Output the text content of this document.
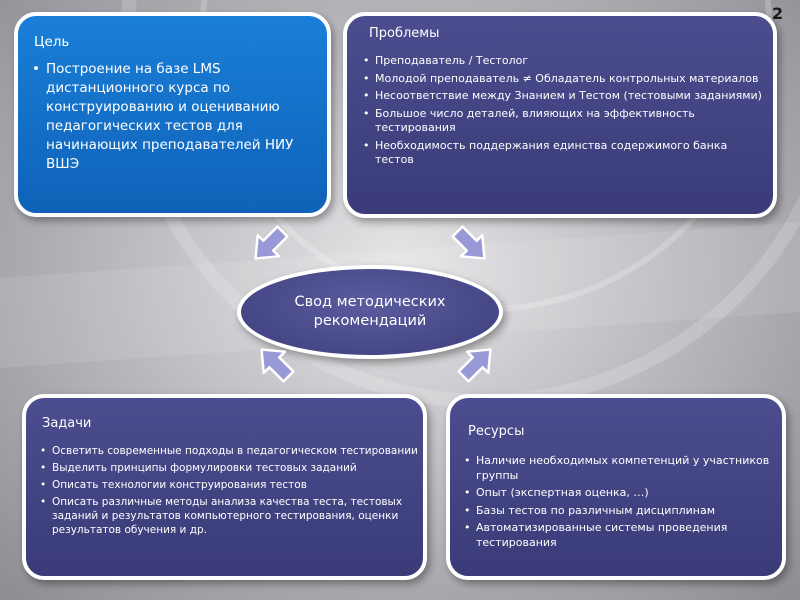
2
Цель
• Построение на базе LMS дистанционного курса по конструированию и оцениванию педагогических тестов для начинающих преподавателей НИУ ВШЭ
Проблемы
• Преподаватель / Тестолог
• Молодой преподаватель ≠ Обладатель контрольных материалов
• Несоответствие между Знанием и Тестом (тестовыми заданиями)
• Большое число деталей, влияющих на эффективность тестирования
• Необходимость поддержания единства содержимого банка тестов
Свод методических рекомендаций
Задачи
• Осветить современные подходы в педагогическом тестировании
• Выделить принципы формулировки тестовых заданий
• Описать технологии конструирования тестов
• Описать различные методы анализа качества теста, тестовых заданий и результатов компьютерного тестирования, оценки результатов обучения и др.
Ресурсы
• Наличие необходимых компетенций у участников группы
• Опыт (экспертная оценка, …)
• Базы тестов по различным дисциплинам
• Автоматизированные системы проведения тестирования
